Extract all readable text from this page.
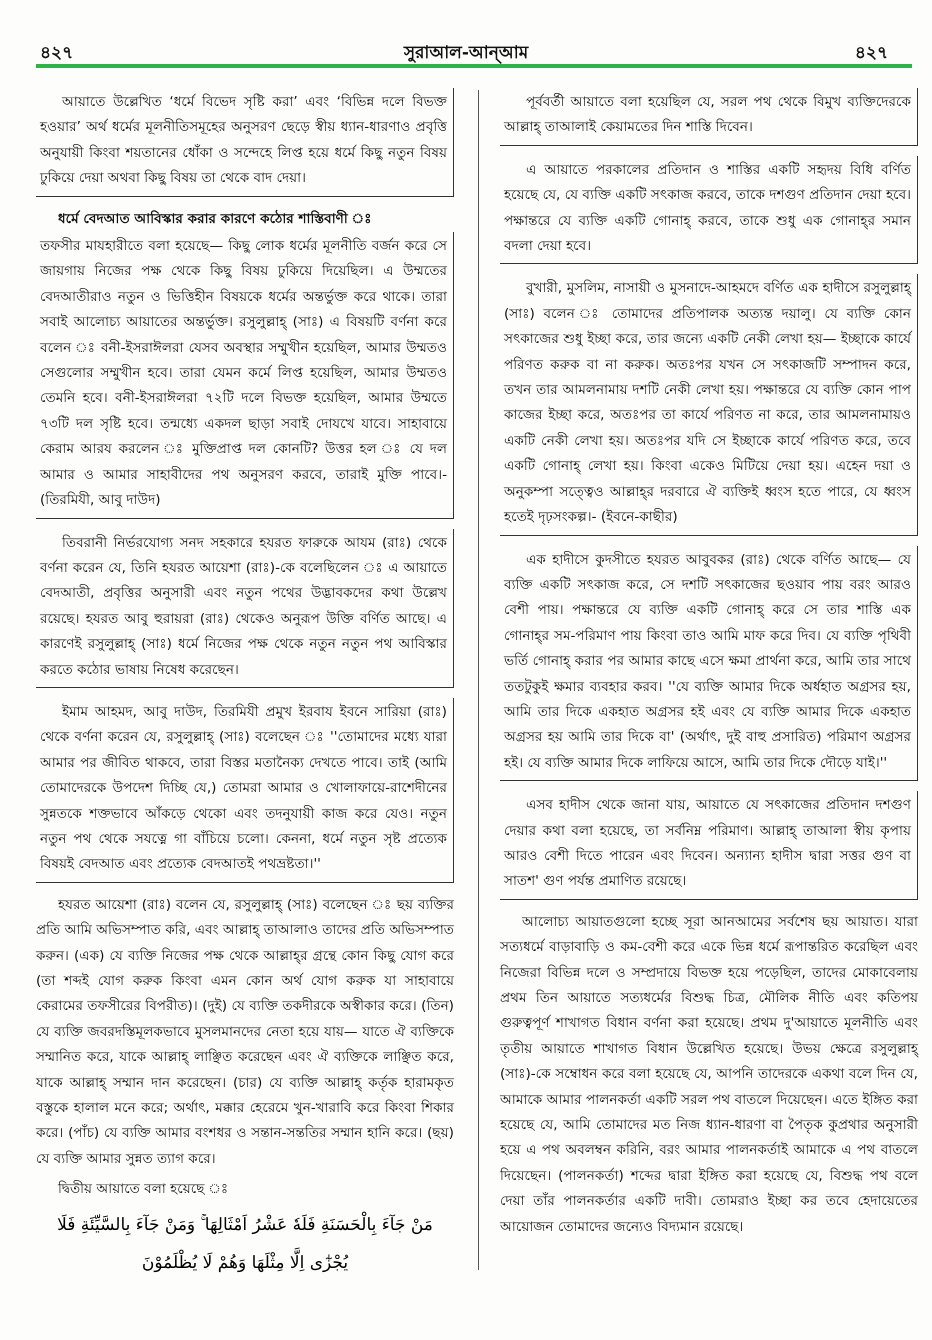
৪২৭	সুরাআল-আন্‌আম	৪২৭

আয়াতে উল্লেখিত ‘ধর্মে বিভেদ সৃষ্টি করা’ এবং ‘বিভিন্ন দলে বিভক্ত হওয়ার’ অর্থ ধর্মের মূলনীতিসমূহের অনুসরণ ছেড়ে স্বীয় ধ্যান-ধারণাও প্রবৃত্তি অনুযায়ী কিংবা শয়তানের ধোঁকা ও সন্দেহে লিপ্ত হয়ে ধর্মে কিছু নতুন বিষয় ঢুকিয়ে দেয়া অথবা কিছু বিষয় তা থেকে বাদ দেয়া।

ধর্মে বেদআত আবিস্কার করার কারণে কঠোর শাস্তিবাণী ঃ

তফসীর মাযহারীতে বলা হয়েছে— কিছু লোক ধর্মের মূলনীতি বর্জন করে সে জায়গায় নিজের পক্ষ থেকে কিছু বিষয় ঢুকিয়ে দিয়েছিল। এ উম্মতের বেদআতীরাও নতুন ও ভিত্তিহীন বিষয়কে ধর্মের অন্তর্ভুক্ত করে থাকে। তারা সবাই আলোচ্য আয়াতের অন্তর্ভুক্ত। রসুলুল্লাহ্ (সাঃ) এ বিষয়টি বর্ণনা করে বলেন ঃ বনী-ইসরাঈলরা যেসব অবস্থার সম্মুখীন হয়েছিল, আমার উম্মতও সেগুলোর সম্মুখীন হবে। তারা যেমন কর্মে লিপ্ত হয়েছিল, আমার উম্মতও তেমনি হবে। বনী-ইসরাঈলরা ৭২টি দলে বিভক্ত হয়েছিল, আমার উম্মতে ৭৩টি দল সৃষ্টি হবে। তন্মধ্যে একদল ছাড়া সবাই দোযখে যাবে। সাহাবায়ে কেরাম আরয করলেন ঃ মুক্তিপ্রাপ্ত দল কোনটি? উত্তর হল ঃ যে দল আমার ও আমার সাহাবীদের পথ অনুসরণ করবে, তারাই মুক্তি পাবে।- (তিরমিযী, আবু দাউদ)

তিবরানী নির্ভরযোগ্য সনদ সহকারে হযরত ফারুকে আযম (রাঃ) থেকে বর্ণনা করেন যে, তিনি হযরত আয়েশা (রাঃ)-কে বলেছিলেন ঃ এ আয়াতে বেদআতী, প্রবৃত্তির অনুসারী এবং নতুন পথের উদ্ভাবকদের কথা উল্লেখ রয়েছে। হযরত আবু হুরায়রা (রাঃ) থেকেও অনুরূপ উক্তি বর্ণিত আছে। এ কারণেই রসুলুল্লাহ্ (সাঃ) ধর্মে নিজের পক্ষ থেকে নতুন নতুন পথ আবিস্কার করতে কঠোর ভাষায় নিষেধ করেছেন।

ইমাম আহমদ, আবু দাউদ, তিরমিযী প্রমুখ ইরবায ইবনে সারিয়া (রাঃ) থেকে বর্ণনা করেন যে, রসুলুল্লাহ্ (সাঃ) বলেছেন ঃ ''তোমাদের মধ্যে যারা আমার পর জীবিত থাকবে, তারা বিস্তর মতানৈক্য দেখতে পাবে। তাই (আমি তোমাদেরকে উপদেশ দিচ্ছি যে,) তোমরা আমার ও খোলাফায়ে-রাশেদীনের সুন্নতকে শক্তভাবে আঁকড়ে থেকো এবং তদনুযায়ী কাজ করে যেও। নতুন নতুন পথ থেকে সযত্নে গা বাঁচিয়ে চলো। কেননা, ধর্মে নতুন সৃষ্ট প্রত্যেক বিষয়ই বেদআত এবং প্রত্যেক বেদআতই পথভ্রষ্টতা।''

হযরত আয়েশা (রাঃ) বলেন যে, রসুলুল্লাহ্ (সাঃ) বলেছেন ঃ ছয় ব্যক্তির প্রতি আমি অভিসম্পাত করি, এবং আল্লাহ্ তাআলাও তাদের প্রতি অভিসম্পাত করুন। (এক) যে ব্যক্তি নিজের পক্ষ থেকে আল্লাহ্‌র গ্রন্থে কোন কিছু যোগ করে (তা শব্দই যোগ করুক কিংবা এমন কোন অর্থ যোগ করুক যা সাহাবায়ে কেরামের তফসীরের বিপরীত)। (দুই) যে ব্যক্তি তকদীরকে অস্বীকার করে। (তিন) যে ব্যক্তি জবরদস্তিমূলকভাবে মুসলমানদের নেতা হয়ে যায়— যাতে ঐ ব্যক্তিকে সম্মানিত করে, যাকে আল্লাহ্ লাঞ্ছিত করেছেন এবং ঐ ব্যক্তিকে লাঞ্ছিত করে, যাকে আল্লাহ্ সম্মান দান করেছেন। (চার) যে ব্যক্তি আল্লাহ্ কর্তৃক হারামকৃত বস্তুকে হালাল মনে করে; অর্থাৎ, মক্কার হেরেমে খুন-খারাবি করে কিংবা শিকার করে। (পাঁচ) যে ব্যক্তি আমার বংশধর ও সন্তান-সন্ততির সম্মান হানি করে। (ছয়) যে ব্যক্তি আমার সুন্নত ত্যাগ করে।

দ্বিতীয় আয়াতে বলা হয়েছে ঃ

مَنْ جَآءَ بِالْحَسَنَةِ فَلَهٗ عَشْرُ اَمْثَالِهَا ۚ وَمَنْ جَآءَ بِالسَّيِّئَةِ فَلَا
يُجْزٰٓى اِلَّا مِثْلَهَا وَهُمْ لَا يُظْلَمُوْنَ

পূর্ববর্তী আয়াতে বলা হয়েছিল যে, সরল পথ থেকে বিমুখ ব্যক্তিদেরকে আল্লাহ্ তাআলাই কেয়ামতের দিন শাস্তি দিবেন।

এ আয়াতে পরকালের প্রতিদান ও শাস্তির একটি সহৃদয় বিধি বর্ণিত হয়েছে যে, যে ব্যক্তি একটি সৎকাজ করবে, তাকে দশগুণ প্রতিদান দেয়া হবে। পক্ষান্তরে যে ব্যক্তি একটি গোনাহ্ করবে, তাকে শুধু এক গোনাহ্‌র সমান বদলা দেয়া হবে।

বুখারী, মুসলিম, নাসায়ী ও মুসনাদে-আহমদে বর্ণিত এক হাদীসে রসুলুল্লাহ্ (সাঃ) বলেন ঃ তোমাদের প্রতিপালক অত্যন্ত দয়ালু। যে ব্যক্তি কোন সৎকাজের শুধু ইচ্ছা করে, তার জন্যে একটি নেকী লেখা হয়— ইচ্ছাকে কার্যে পরিণত করুক বা না করুক। অতঃপর যখন সে সৎকাজটি সম্পাদন করে, তখন তার আমলনামায় দশটি নেকী লেখা হয়। পক্ষান্তরে যে ব্যক্তি কোন পাপ কাজের ইচ্ছা করে, অতঃপর তা কার্যে পরিণত না করে, তার আমলনামায়ও একটি নেকী লেখা হয়। অতঃপর যদি সে ইচ্ছাকে কার্যে পরিণত করে, তবে একটি গোনাহ্ লেখা হয়। কিংবা একেও মিটিয়ে দেয়া হয়। এহেন দয়া ও অনুকম্পা সত্ত্বেও আল্লাহ্‌র দরবারে ঐ ব্যক্তিই ধ্বংস হতে পারে, যে ধ্বংস হতেই দৃঢ়সংকল্প।- (ইবনে-কাছীর)

এক হাদীসে কুদসীতে হযরত আবুবকর (রাঃ) থেকে বর্ণিত আছে— যে ব্যক্তি একটি সৎকাজ করে, সে দশটি সৎকাজের ছওয়াব পায় বরং আরও বেশী পায়। পক্ষান্তরে যে ব্যক্তি একটি গোনাহ্ করে সে তার শাস্তি এক গোনাহ্‌র সম-পরিমাণ পায় কিংবা তাও আমি মাফ করে দিব। যে ব্যক্তি পৃথিবী ভর্তি গোনাহ্ করার পর আমার কাছে এসে ক্ষমা প্রার্থনা করে, আমি তার সাথে ততটুকুই ক্ষমার ব্যবহার করব। ''যে ব্যক্তি আমার দিকে অর্ধহাত অগ্রসর হয়, আমি তার দিকে একহাত অগ্রসর হই এবং যে ব্যক্তি আমার দিকে একহাত অগ্রসর হয় আমি তার দিকে বা' (অর্থাৎ, দুই বাহু প্রসারিত) পরিমাণ অগ্রসর হই। যে ব্যক্তি আমার দিকে লাফিয়ে আসে, আমি তার দিকে দৌড়ে যাই।''

এসব হাদীস থেকে জানা যায়, আয়াতে যে সৎকাজের প্রতিদান দশগুণ দেয়ার কথা বলা হয়েছে, তা সর্বনিম্ন পরিমাণ। আল্লাহ্ তাআলা স্বীয় কৃপায় আরও বেশী দিতে পারেন এবং দিবেন। অন্যান্য হাদীস দ্বারা সত্তর গুণ বা সাতশ' গুণ পর্যন্ত প্রমাণিত রয়েছে।

আলোচ্য আয়াতগুলো হচ্ছে সূরা আনআমের সর্বশেষ ছয় আয়াত। যারা সত্যধর্মে বাড়াবাড়ি ও কম-বেশী করে একে ভিন্ন ধর্মে রূপান্তরিত করেছিল এবং নিজেরা বিভিন্ন দলে ও সম্প্রদায়ে বিভক্ত হয়ে পড়েছিল, তাদের মোকাবেলায় প্রথম তিন আয়াতে সত্যধর্মের বিশুদ্ধ চিত্র, মৌলিক নীতি এবং কতিপয় গুরুত্বপূর্ণ শাখাগত বিধান বর্ণনা করা হয়েছে। প্রথম দু'আয়াতে মূলনীতি এবং তৃতীয় আয়াতে শাখাগত বিধান উল্লেখিত হয়েছে। উভয় ক্ষেত্রে রসুলুল্লাহ্ (সাঃ)-কে সম্বোধন করে বলা হয়েছে যে, আপনি তাদেরকে একথা বলে দিন যে, আমাকে আমার পালনকর্তা একটি সরল পথ বাতলে দিয়েছেন। এতে ইঙ্গিত করা হয়েছে যে, আমি তোমাদের মত নিজ ধ্যান-ধারণা বা পৈতৃক কুপ্রথার অনুসারী হয়ে এ পথ অবলম্বন করিনি, বরং আমার পালনকর্তাই আমাকে এ পথ বাতলে দিয়েছেন। (পালনকর্তা) শব্দের দ্বারা ইঙ্গিত করা হয়েছে যে, বিশুদ্ধ পথ বলে দেয়া তাঁর পালনকর্তার একটি দাবী। তোমরাও ইচ্ছা কর তবে হেদায়েতের আয়োজন তোমাদের জন্যেও বিদ্যমান রয়েছে।
